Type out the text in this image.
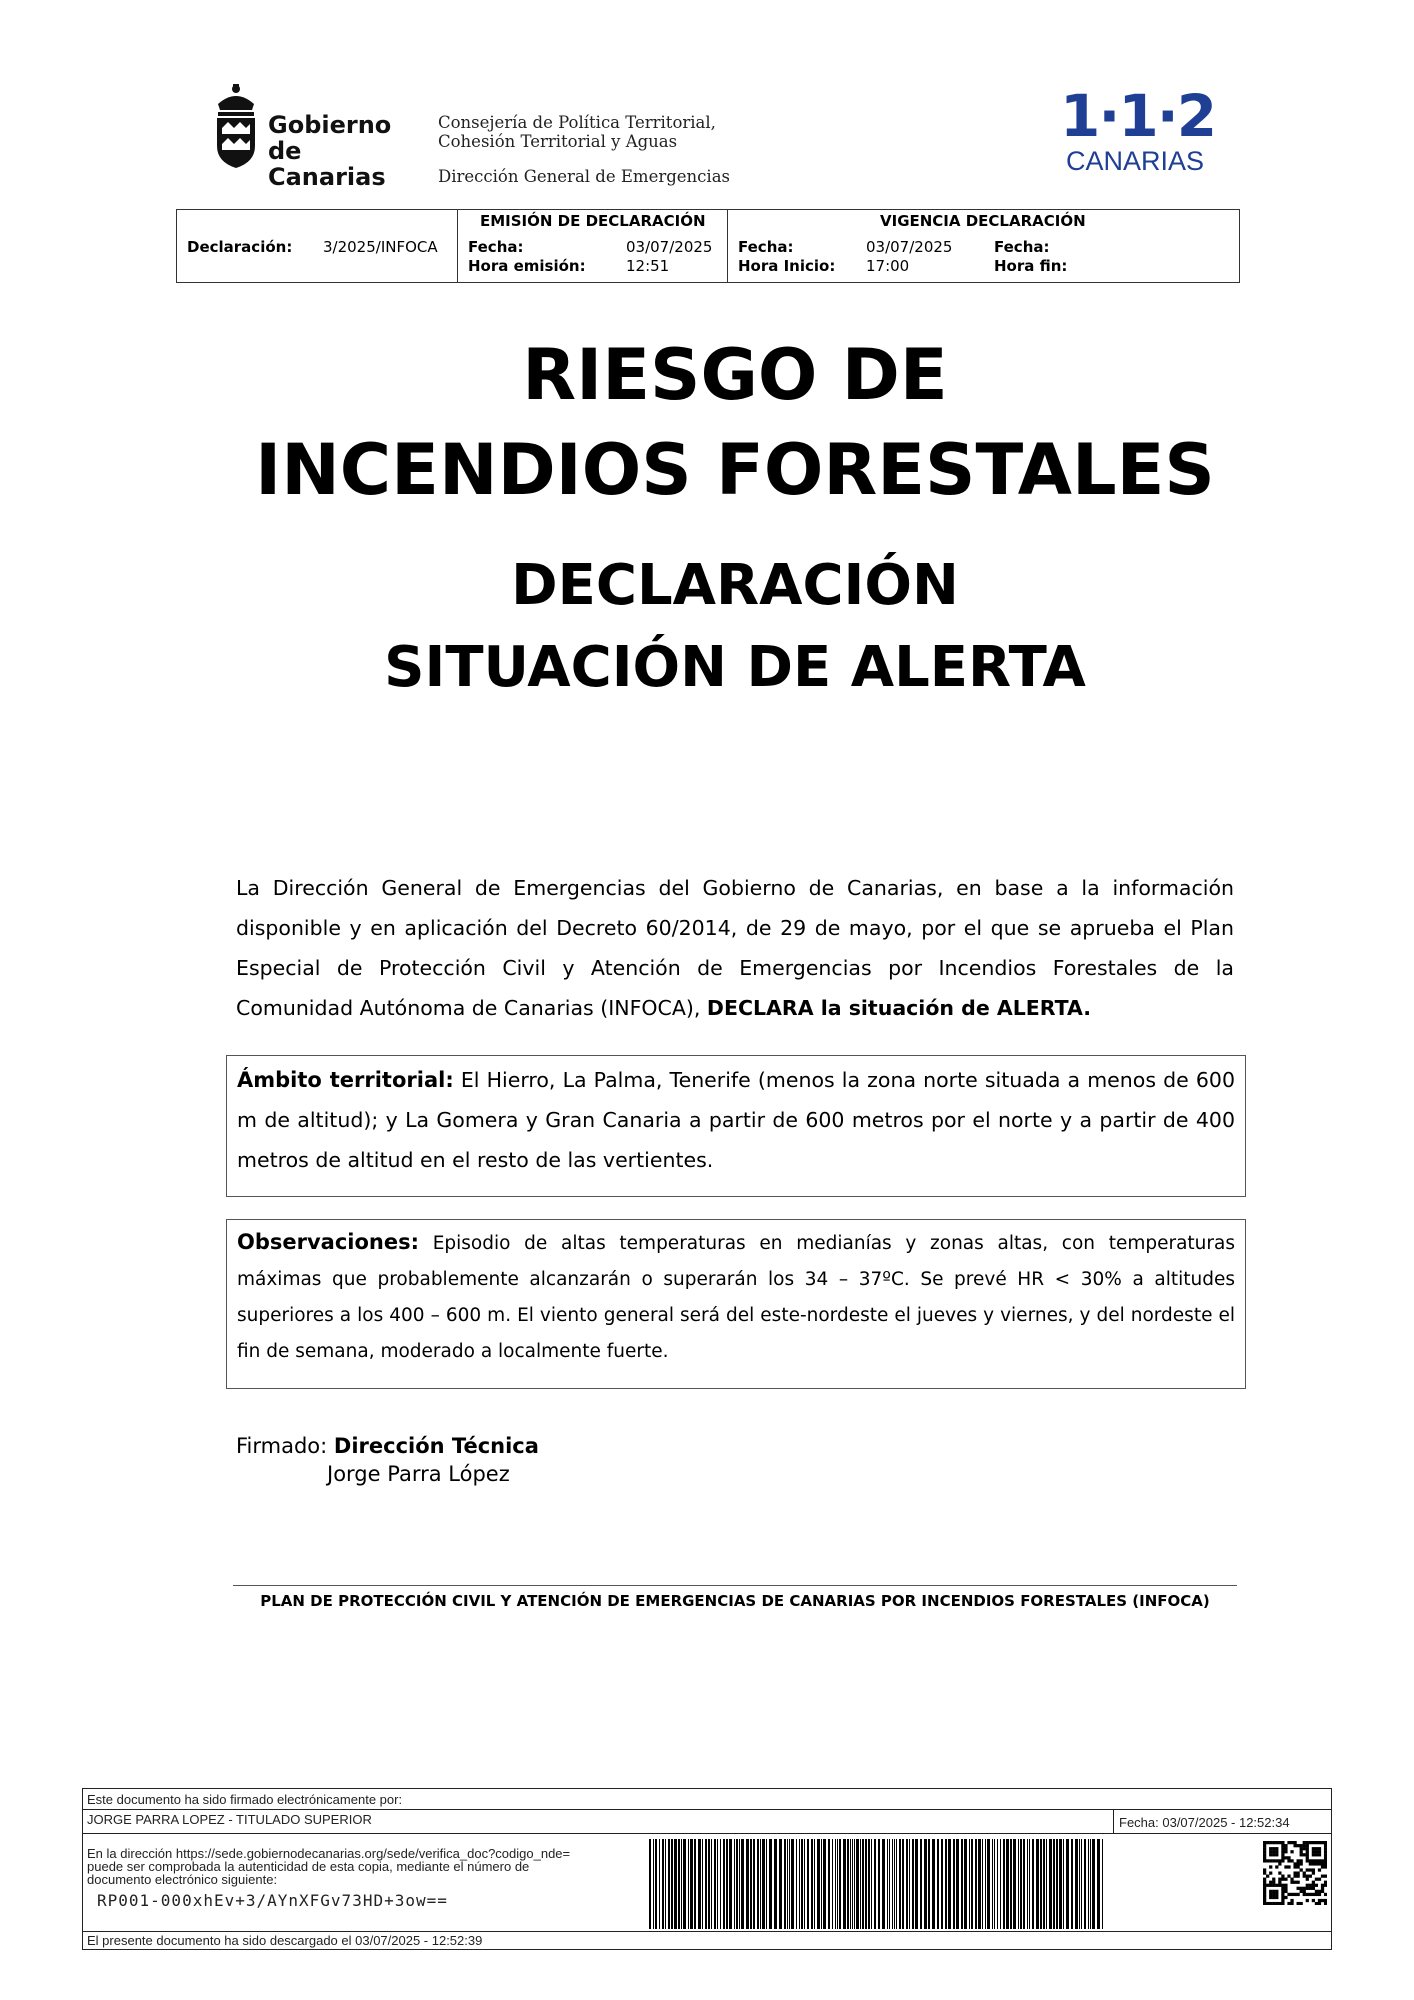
Gobierno
de Canarias
Consejería de Política Territorial,
Cohesión Territorial y Aguas
Dirección General de Emergencias
1·1·2
CANARIAS
Declaración: 3/2025/INFOCA
EMISIÓN DE DECLARACIÓN
Fecha:	03/07/2025
Hora emisión:	12:51
VIGENCIA DECLARACIÓN
Fecha:	03/07/2025
Hora Inicio: 17:00
Fecha:
Hora fin:
RIESGO DE
INCENDIOS FORESTALES
DECLARACIÓN
SITUACIÓN DE ALERTA
La Dirección General de Emergencias del Gobierno de Canarias, en base a la información disponible y en aplicación del Decreto 60/2014, de 29 de mayo, por el que se aprueba el Plan Especial de Protección Civil y Atención de Emergencias por Incendios Forestales de la Comunidad Autónoma de Canarias (INFOCA), DECLARA la situación de ALERTA.
Ámbito territorial: El Hierro, La Palma, Tenerife (menos la zona norte situada a menos de 600 m de altitud); y La Gomera y Gran Canaria a partir de 600 metros por el norte y a partir de 400 metros de altitud en el resto de las vertientes.
Observaciones: Episodio de altas temperaturas en medianías y zonas altas, con temperaturas máximas que probablemente alcanzarán o superarán los 34 – 37ºC. Se prevé HR < 30% a altitudes superiores a los 400 – 600 m. El viento general será del este-nordeste el jueves y viernes, y del nordeste el fin de semana, moderado a localmente fuerte.
Firmado: Dirección Técnica
Jorge Parra López
PLAN DE PROTECCIÓN CIVIL Y ATENCIÓN DE EMERGENCIAS DE CANARIAS POR INCENDIOS FORESTALES (INFOCA)
Este documento ha sido firmado electrónicamente por:
JORGE PARRA LOPEZ - TITULADO SUPERIOR	Fecha: 03/07/2025 - 12:52:34
En la dirección https://sede.gobiernodecanarias.org/sede/verifica_doc?codigo_nde=
puede ser comprobada la autenticidad de esta copia, mediante el número de
documento electrónico siguiente:
RP001-000xhEv+3/AYnXFGv73HD+3ow==
El presente documento ha sido descargado el 03/07/2025 - 12:52:39
